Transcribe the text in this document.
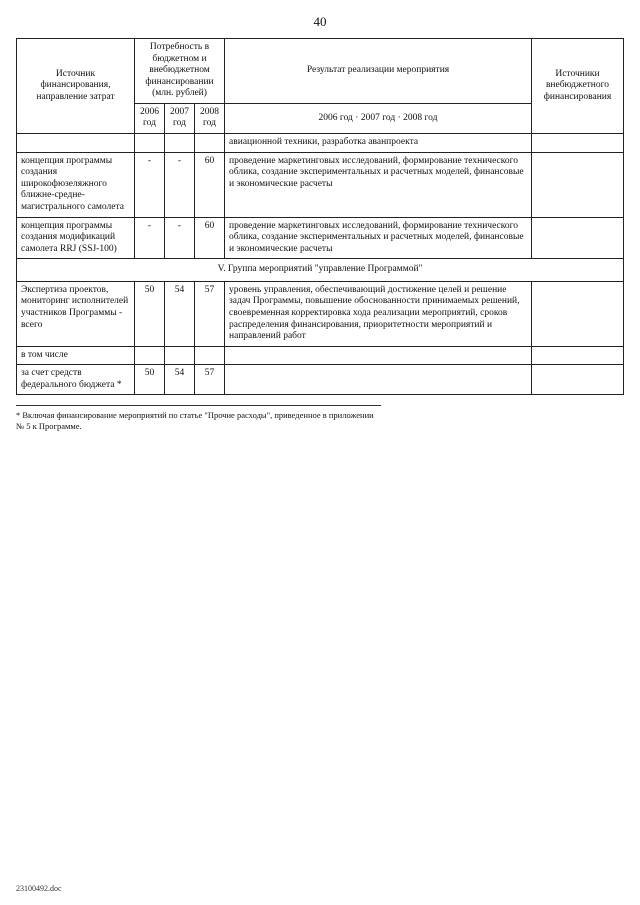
40
Источник финансирования, направление затрат	Потребность в бюджетном и внебюджетном финансировании (млн. рублей)			Результат реализации мероприятия	Источники внебюджетного финансирования
	2006 год	2007 год	2008 год	2006 год · 2007 год · 2008 год	
				авиационной техники, разработка аванпроекта	
концепция программы создания широкофюзеляжного ближне-средне-магистрального самолета	-	-	60	проведение маркетинговых исследований, формирование технического облика, создание экспериментальных и расчетных моделей, финансовые и экономические расчеты	
концепция программы создания модификаций самолета RRJ (SSJ-100)	-	-	60	проведение маркетинговых исследований, формирование технического облика, создание экспериментальных и расчетных моделей, финансовые и экономические расчеты	
V. Группа мероприятий "управление Программой"					
Экспертиза проектов, мониторинг исполнителей участников Программы - всего	50	54	57	уровень управления, обеспечивающий достижение целей и решение задач Программы, повышение обоснованности принимаемых решений, своевременная корректировка хода реализации мероприятий, сроков распределения финансирования, приоритетности мероприятий и направлений работ	
в том числе					
за счет средств федерального бюджета *	50	54	57		
* Включая финансирование мероприятий по статье "Прочие расходы", приведенное в приложении № 5 к Программе.
23100492.doc
